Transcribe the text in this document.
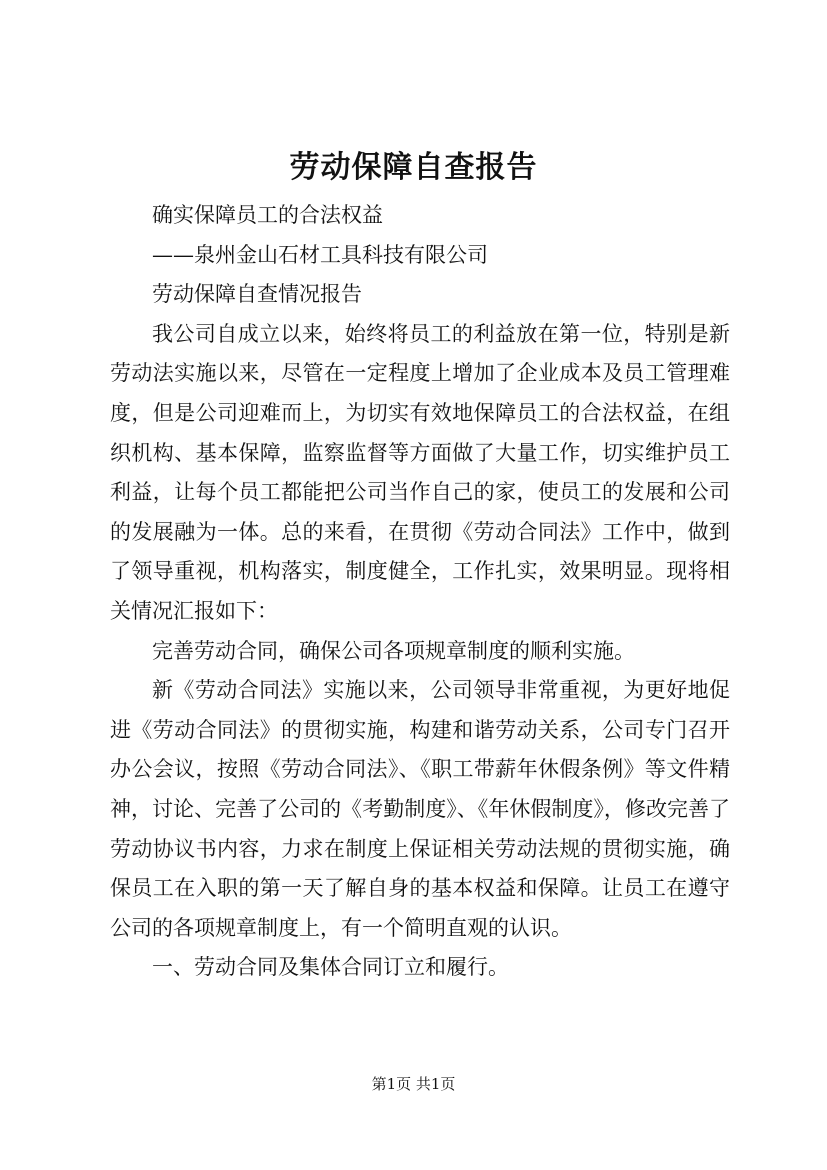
劳动保障自查报告

确实保障员工的合法权益

——泉州金山石材工具科技有限公司

劳动保障自查情况报告

我公司自成立以来，始终将员工的利益放在第一位，特别是新劳动法实施以来，尽管在一定程度上增加了企业成本及员工管理难度，但是公司迎难而上，为切实有效地保障员工的合法权益，在组织机构、基本保障，监察监督等方面做了大量工作，切实维护员工利益，让每个员工都能把公司当作自己的家，使员工的发展和公司的发展融为一体。总的来看，在贯彻《劳动合同法》工作中，做到了领导重视，机构落实，制度健全，工作扎实，效果明显。现将相关情况汇报如下：

完善劳动合同，确保公司各项规章制度的顺利实施。

新《劳动合同法》实施以来，公司领导非常重视，为更好地促进《劳动合同法》的贯彻实施，构建和谐劳动关系，公司专门召开办公会议，按照《劳动合同法》、《职工带薪年休假条例》等文件精神，讨论、完善了公司的《考勤制度》、《年休假制度》，修改完善了劳动协议书内容，力求在制度上保证相关劳动法规的贯彻实施，确保员工在入职的第一天了解自身的基本权益和保障。让员工在遵守公司的各项规章制度上，有一个简明直观的认识。

一、劳动合同及集体合同订立和履行。

第1页 共1页
